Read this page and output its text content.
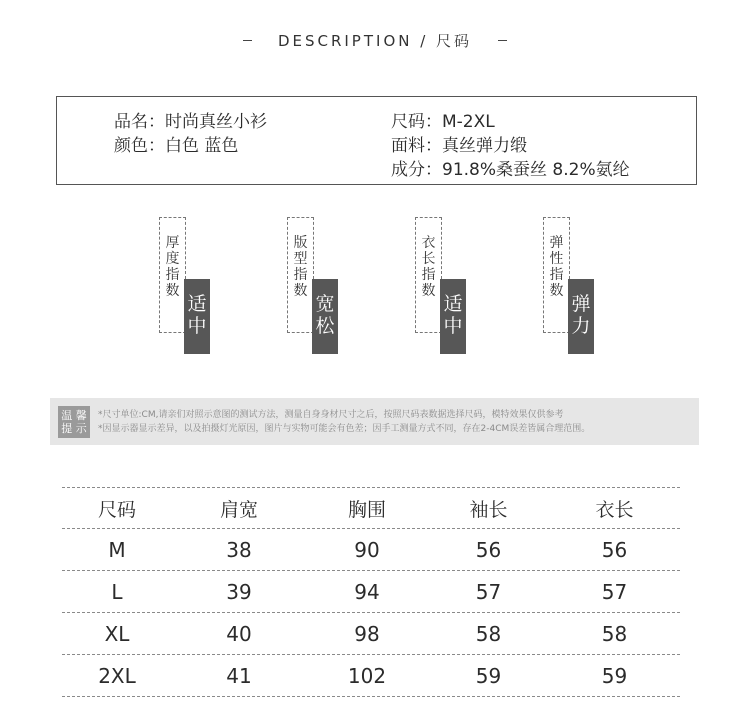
DESCRIPTION / 尺码
品名：时尚真丝小衫
颜色：白色 蓝色
尺码：M-2XL
面料：真丝弹力缎
成分：91.8%桑蚕丝 8.2%氨纶
厚
度
指
数
适
中
版
型
指
数
宽
松
衣
长
指
数
适
中
弹
性
指
数
弹
力
温 馨
提 示
*尺寸单位:CM,请亲们对照示意图的测试方法，测量自身身材尺寸之后，按照尺码表数据选择尺码，模特效果仅供参考
*因显示器显示差异，以及拍摄灯光原因，图片与实物可能会有色差；因手工测量方式不同，存在2-4CM误差皆属合理范围。
尺码	肩宽	胸围	袖长	衣长
M	38	90	56	56
L	39	94	57	57
XL	40	98	58	58
2XL	41	102	59	59
